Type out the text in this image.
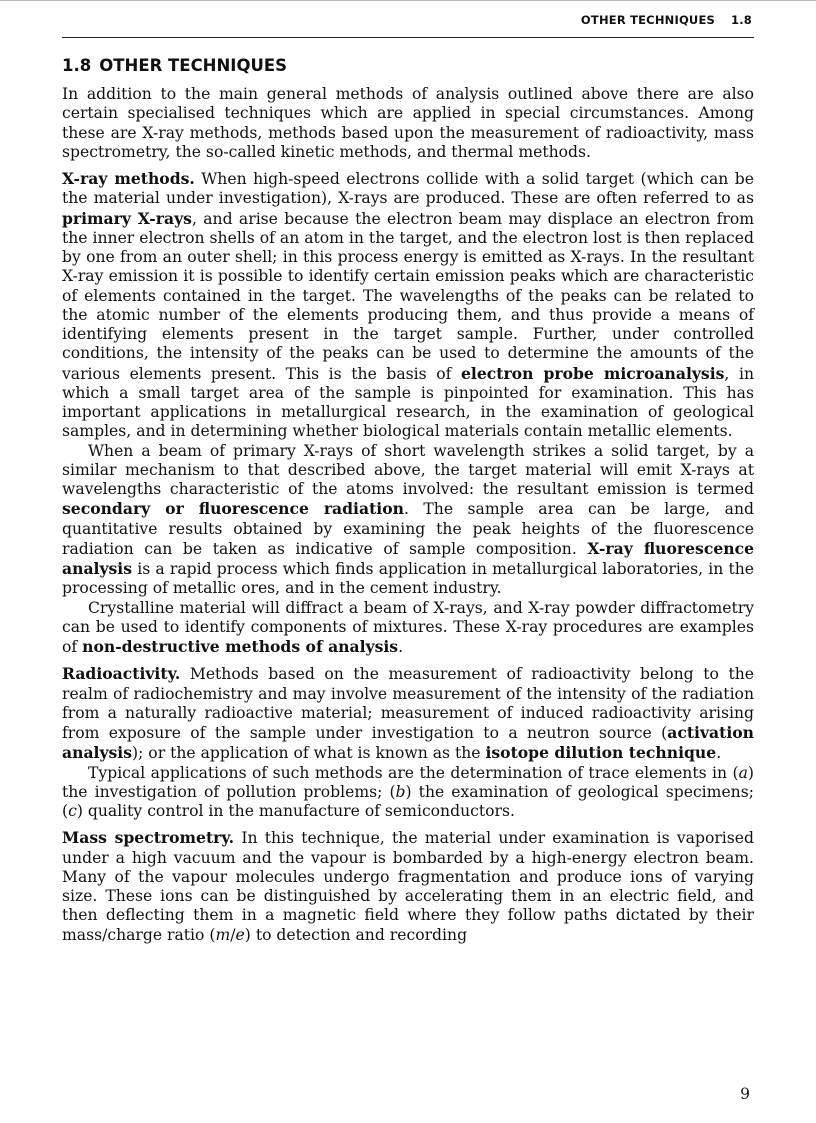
OTHER TECHNIQUES 1.8
1.8 OTHER TECHNIQUES

In addition to the main general methods of analysis outlined above there are also certain specialised techniques which are applied in special circumstances. Among these are X-ray methods, methods based upon the measurement of radioactivity, mass spectrometry, the so-called kinetic methods, and thermal methods.

X-ray methods. When high-speed electrons collide with a solid target (which can be the material under investigation), X-rays are produced. These are often referred to as primary X-rays, and arise because the electron beam may displace an electron from the inner electron shells of an atom in the target, and the electron lost is then replaced by one from an outer shell; in this process energy is emitted as X-rays. In the resultant X-ray emission it is possible to identify certain emission peaks which are characteristic of elements contained in the target. The wavelengths of the peaks can be related to the atomic number of the elements producing them, and thus provide a means of identifying elements present in the target sample. Further, under controlled conditions, the intensity of the peaks can be used to determine the amounts of the various elements present. This is the basis of electron probe microanalysis, in which a small target area of the sample is pinpointed for examination. This has important applications in metallurgical research, in the examination of geological samples, and in determining whether biological materials contain metallic elements.

When a beam of primary X-rays of short wavelength strikes a solid target, by a similar mechanism to that described above, the target material will emit X-rays at wavelengths characteristic of the atoms involved: the resultant emission is termed secondary or fluorescence radiation. The sample area can be large, and quantitative results obtained by examining the peak heights of the fluorescence radiation can be taken as indicative of sample composition. X-ray fluorescence analysis is a rapid process which finds application in metallurgical laboratories, in the processing of metallic ores, and in the cement industry.

Crystalline material will diffract a beam of X-rays, and X-ray powder diffractometry can be used to identify components of mixtures. These X-ray procedures are examples of non-destructive methods of analysis.

Radioactivity. Methods based on the measurement of radioactivity belong to the realm of radiochemistry and may involve measurement of the intensity of the radiation from a naturally radioactive material; measurement of induced radioactivity arising from exposure of the sample under investigation to a neutron source (activation analysis); or the application of what is known as the isotope dilution technique.

Typical applications of such methods are the determination of trace elements in (a) the investigation of pollution problems; (b) the examination of geological specimens; (c) quality control in the manufacture of semiconductors.

Mass spectrometry. In this technique, the material under examination is vaporised under a high vacuum and the vapour is bombarded by a high-energy electron beam. Many of the vapour molecules undergo fragmentation and produce ions of varying size. These ions can be distinguished by accelerating them in an electric field, and then deflecting them in a magnetic field where they follow paths dictated by their mass/charge ratio (m/e) to detection and recording

9
